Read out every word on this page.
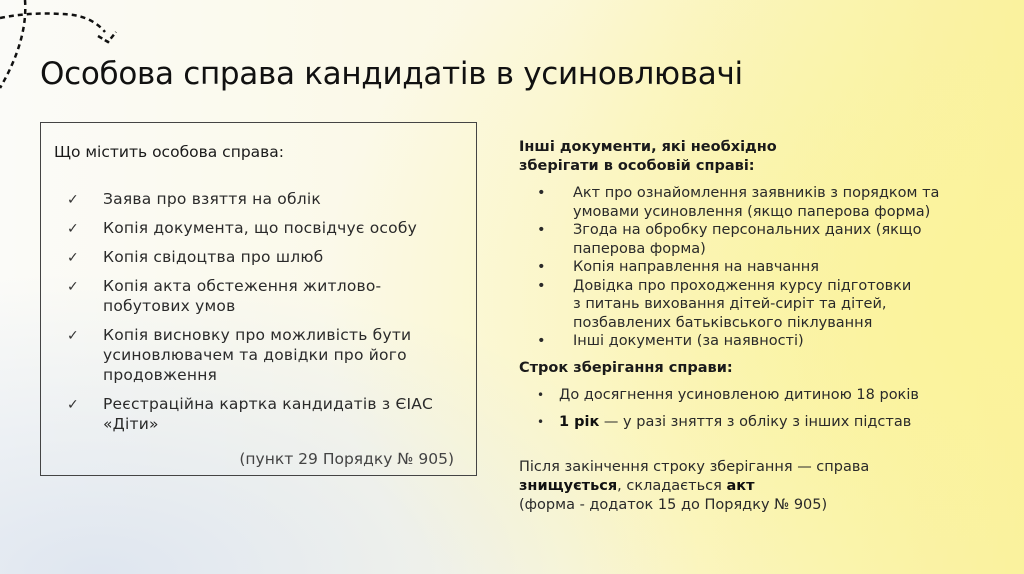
Особова справа кандидатів в усиновлювачі
Що містить особова справа:
✓ Заява про взяття на облік
✓ Копія документа, що посвідчує особу
✓ Копія свідоцтва про шлюб
✓ Копія акта обстеження житлово-побутових умов
✓ Копія висновку про можливість бути усиновлювачем та довідки про його продовження
✓ Реєстраційна картка кандидатів з ЄІАС «Діти»
(пункт 29 Порядку № 905)
Інші документи, які необхідно зберігати в особовій справі:
• Акт про ознайомлення заявників з порядком та умовами усиновлення (якщо паперова форма)
• Згода на обробку персональних даних (якщо паперова форма)
• Копія направлення на навчання
• Довідка про проходження курсу підготовки з питань виховання дітей-сиріт та дітей, позбавлених батьківського піклування
• Інші документи (за наявності)
Строк зберігання справи:
• До досягнення усиновленою дитиною 18 років
• 1 рік — у разі зняття з обліку з інших підстав
Після закінчення строку зберігання — справа
знищується, складається акт
(форма - додаток 15 до Порядку № 905)
